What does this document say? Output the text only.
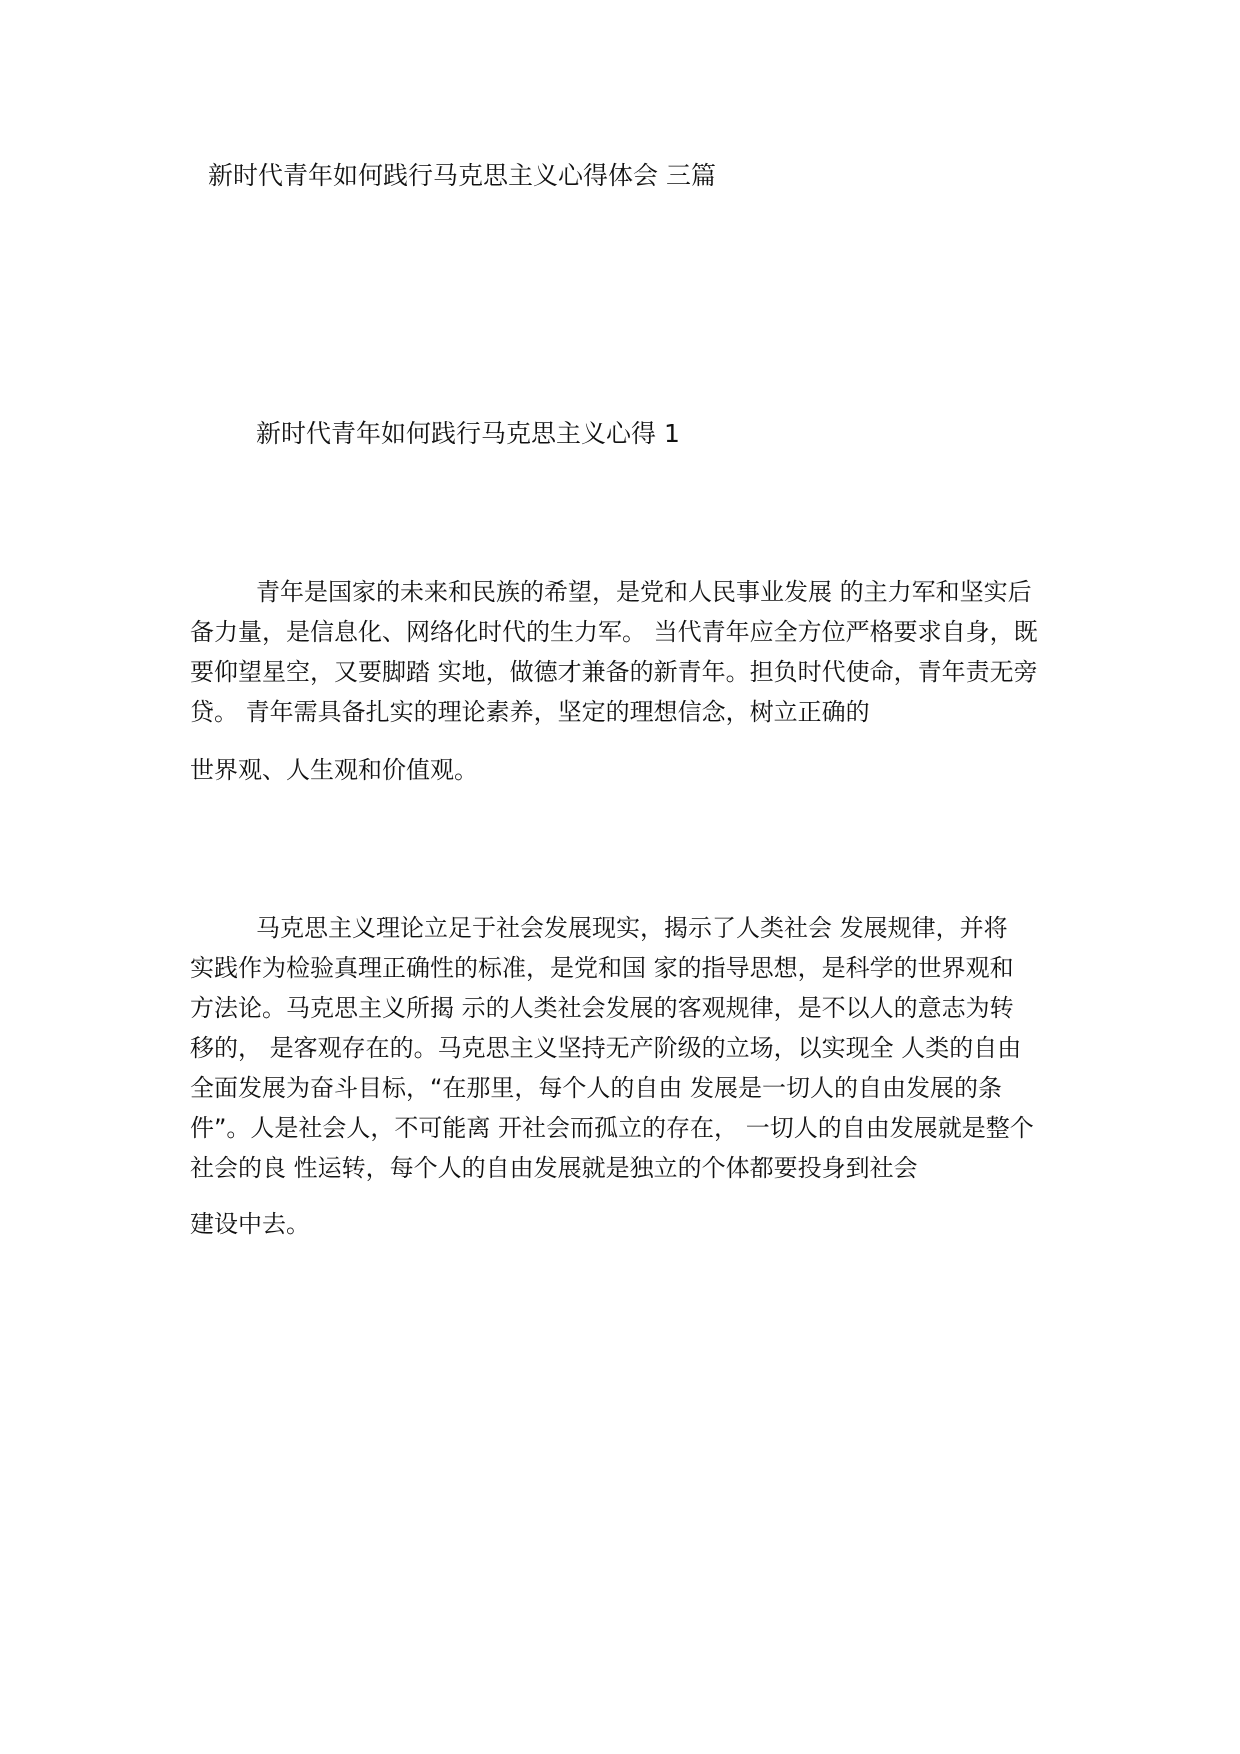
新时代青年如何践行马克思主义心得体会 三篇
新时代青年如何践行马克思主义心得 1
青年是国家的未来和民族的希望，是党和人民事业发展 的主力军和坚实后
备力量，是信息化、网络化时代的生力军。 当代青年应全方位严格要求自身，既
要仰望星空，又要脚踏 实地，做德才兼备的新青年。担负时代使命，青年责无旁
贷。 青年需具备扎实的理论素养，坚定的理想信念，树立正确的
世界观、人生观和价值观。
马克思主义理论立足于社会发展现实，揭示了人类社会 发展规律，并将
实践作为检验真理正确性的标准，是党和国 家的指导思想，是科学的世界观和
方法论。马克思主义所揭 示的人类社会发展的客观规律，是不以人的意志为转
移的， 是客观存在的。马克思主义坚持无产阶级的立场，以实现全 人类的自由
全面发展为奋斗目标，“在那里，每个人的自由 发展是一切人的自由发展的条
件”。人是社会人，不可能离 开社会而孤立的存在， 一切人的自由发展就是整个
社会的良 性运转，每个人的自由发展就是独立的个体都要投身到社会
建设中去。
